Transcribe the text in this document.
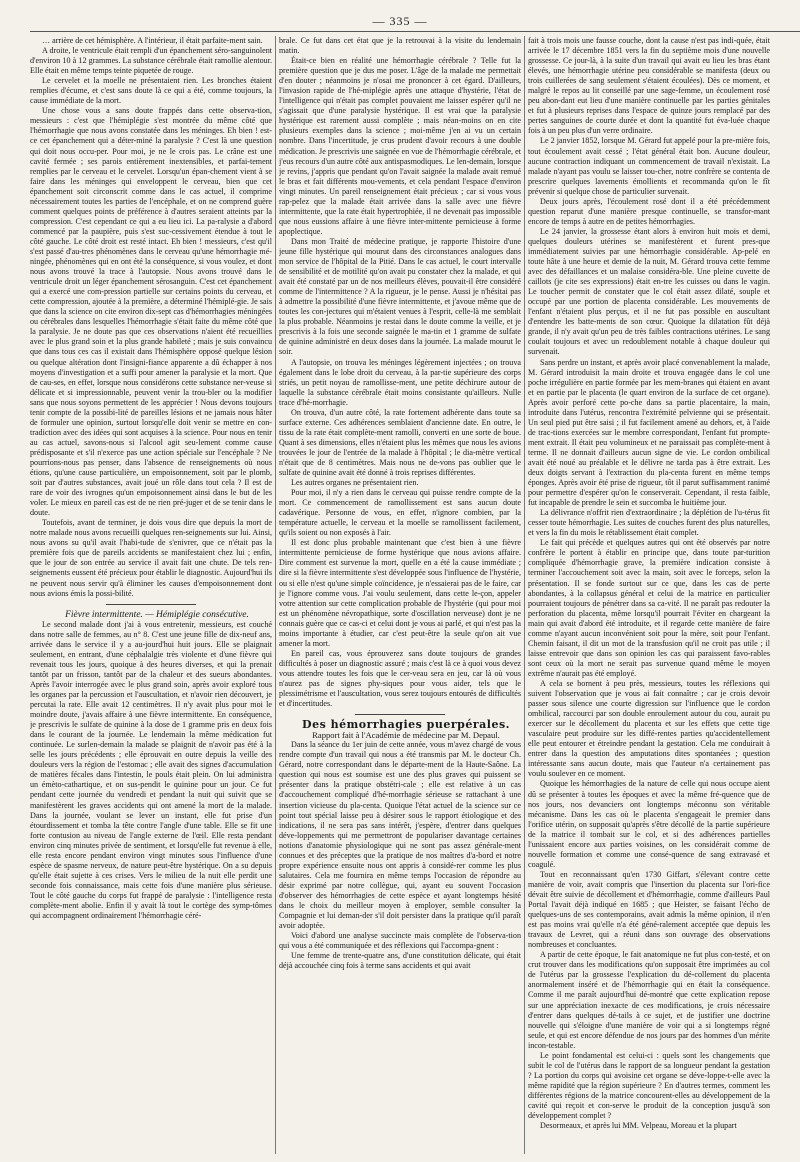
— 335 —

… arrière de cet hémisphère. A l'intérieur, il était parfaite-ment sain.

A droite, le ventricule était rempli d'un épanchement séro-sanguinolent d'environ 10 à 12 grammes. La substance cérébrale était ramollie alentour. Elle était en même temps teinte piquetée de rouge.

Le cervelet et la moelle ne présentaient rien. Les bronches étaient remplies d'écume, et c'est sans doute là ce qui a été, comme toujours, la cause immédiate de la mort.

Une chose vous a sans doute frappés dans cette observa-tion, messieurs : c'est que l'hémiplégie s'est montrée du même côté que l'hémorrhagie que nous avons constatée dans les méninges. Eh bien ! est-ce cet épanchement qui a déter-miné la paralysie ? C'est là une question qui doit nous occu-per. Pour moi, je ne le crois pas. Le crâne est une cavité fermée ; ses parois entièrement inextensibles, et parfai-tement remplies par le cerveau et le cervelet. Lorsqu'un épan-chement vient à se faire dans les méninges qui enveloppent le cerveau, bien que cet épanchement soit circonscrit comme dans le cas actuel, il comprime nécessairement toutes les parties de l'encéphale, et on ne comprend guère comment quelques points de préférence à d'autres seraient atteints par la compression. C'est cependant ce qui a eu lieu ici. La pa-ralysie a d'abord commencé par la paupière, puis s'est suc-cessivement étendue à tout le côté gauche. Le côté droit est resté intact. Eh bien ! messieurs, c'est qu'il s'est passé d'au-tres phénomènes dans le cerveau qu'une hémorrhagie mé-ningée, phénomènes qui en ont été la conséquence, si vous voulez, et dont nous avons trouvé la trace à l'autopsie. Nous avons trouvé dans le ventricule droit un léger épanchement sérosanguin. C'est cet épanchement qui a exercé une com-pression partielle sur certains points du cerveau, et cette compression, ajoutée à la première, a déterminé l'hémiplé-gie. Je sais que dans la science on cite environ dix-sept cas d'hémorrhagies méningées ou cérébrales dans lesquelles l'hémorrhagie s'était faite du même côté que la paralysie. Je ne doute pas que ces observations n'aient été recueillies avec le plus grand soin et la plus grande habileté ; mais je suis convaincu que dans tous ces cas il existait dans l'hémisphère opposé quelque lésion ou quelque altération dont l'insigni-fiance apparente a dû échapper à nos moyens d'investigation et a suffi pour amener la paralysie et la mort. Que de cau-ses, en effet, lorsque nous considérons cette substance ner-veuse si délicate et si impressionnable, peuvent venir la trou-bler ou la modifier sans que nous soyons permettent de les apprécier ! Nous devons toujours tenir compte de la possibi-lité de pareilles lésions et ne jamais nous hâter de formuler une opinion, surtout lorsqu'elle doit venir se mettre en con-tradiction avec des idées qui sont acquises à la science. Pour nous en tenir au cas actuel, savons-nous si l'alcool agit seu-lement comme cause prédisposante et s'il n'exerce pas une action spéciale sur l'encéphale ? Ne pourrions-nous pas penser, dans l'absence de renseignements où nous étions, qu'une cause particulière, un empoisonnement, soit par le plomb, soit par d'autres substances, avait joué un rôle dans tout cela ? Il est de rare de voir des ivrognes qu'un empoisonnement ainsi dans le but de les voler. Le mieux en pareil cas est de ne rien pré-juger et de se tenir dans le doute.

Toutefois, avant de terminer, je dois vous dire que depuis la mort de notre malade nous avons recueilli quelques ren-seignements sur lui. Ainsi, nous avons su qu'il avait l'habi-tude de s'enivrer, que ce n'était pas la première fois que de pareils accidents se manifestaient chez lui ; enfin, que le jour de son entrée au service il avait fait une chute. De tels ren-seignements eussent été précieux pour établir le diagnostic. Aujourd'hui ils ne peuvent nous servir qu'à éliminer les causes d'empoisonnement dont nous avions émis la possi-bilité.

Fièvre intermittente. — Hémiplégie consécutive.

Le second malade dont j'ai à vous entretenir, messieurs, est couché dans notre salle de femmes, au n° 8. C'est une jeune fille de dix-neuf ans, arrivée dans le service il y a au-jourd'hui huit jours. Elle se plaignait seulement, en entrant, d'une céphalalgie très violente et d'une fièvre qui revenait tous les jours, quoique à des heures diverses, et qui la prenait tantôt par un frisson, tantôt par de la chaleur et des sueurs abondantes. Après l'avoir interrogée avec le plus grand soin, après avoir exploré tous les organes par la percussion et l'auscultation, et n'avoir rien découvert, je percutai la rate. Elle avait 12 centimètres. Il n'y avait plus pour moi le moindre doute, j'avais affaire à une fièvre intermittente. En conséquence, je prescrivis le sulfate de quinine à la dose de 1 gramme pris en deux fois dans le courant de la journée. Le lendemain la même médication fut continuée. Le surlen-demain la malade se plaignit de n'avoir pas été à la selle les jours précédents ; elle éprouvait en outre depuis la veille des douleurs vers la région de l'estomac ; elle avait des signes d'accumulation de matières fécales dans l'intestin, le pouls était plein. On lui administra un émèto-cathartique, et on sus-pendit le quinine pour un jour. Ce fut pendant cette journée du vendredi et pendant la nuit qui suivit que se manifestèrent les graves accidents qui ont amené la mort de la malade. Dans la journée, voulant se lever un instant, elle fut prise d'un étourdissement et tomba la tête contre l'angle d'une table. Elle se fit une forte contusion au niveau de l'angle externe de l'œil. Elle resta pendant environ cinq minutes privée de sentiment, et lorsqu'elle fut revenue à elle, elle resta encore pendant environ vingt minutes sous l'influence d'une espèce de spasme nerveux, de nature peut-être hystérique. On a su depuis qu'elle était sujette à ces crises. Vers le milieu de la nuit elle perdit une seconde fois connaissance, mais cette fois d'une manière plus sérieuse. Tout le côté gauche du corps fut frappé de paralysie : l'intelligence resta complète-ment abolie. Enfin il y avait là tout le cortège des symp-tômes qui accompagnent ordinairement l'hémorrhagie céré-

brale. Ce fut dans cet état que je la retrouvai à la visite du lendemain matin.

Était-ce bien en réalité une hémorrhagie cérébrale ? Telle fut la première question que je dus me poser. L'âge de la malade me permettait d'en douter ; néanmoins je n'osai me prononcer à cet égard. D'ailleurs, l'invasion rapide de l'hé-miplégie après une attaque d'hystérie, l'état de l'intelligence qui n'était pas complet pouvaient me laisser espérer qu'il ne s'agissait que d'une paralysie hystérique. Il est vrai que la paralysie hystérique est rarement aussi complète ; mais néan-moins on en cite plusieurs exemples dans la science ; moi-même j'en ai vu un certain nombre. Dans l'incertitude, je crus prudent d'avoir recours à une double médication. Je prescrivis une saignée en vue de l'hémorrhagie cérébrale, et j'eus recours d'un autre côté aux antispasmodiques. Le len-demain, lorsque je revins, j'appris que pendant qu'on l'avait saignée la malade avait remué le bras et fait différents mou-vements, et cela pendant l'espace d'environ vingt minutes. Un pareil renseignement était précieux ; car si vous vous rap-pelez que la malade était arrivée dans la salle avec une fièvre intermittente, que la rate était hypertrophiée, il ne devenait pas impossible que nous eussions affaire à une fièvre inter-mittente pernicieuse à forme apoplectique.

Dans mon Traité de médecine pratique, je rapporte l'histoire d'une jeune fille hystérique qui mourut dans des circonstances analogues dans mon service de l'hôpital de la Pitié. Dans le cas actuel, le court intervalle de sensibilité et de motilité qu'on avait pu constater chez la malade, et qui avait été constaté par un de nos meilleurs élèves, pouvait-il être considéré comme de l'intermittence ? A la rigueur, je le pense. Aussi je n'hésitai pas à admettre la possibilité d'une fièvre intermittente, et j'avoue même que de toutes les con-jectures qui m'étaient venues à l'esprit, celle-là me semblait la plus probable. Néanmoins je restai dans le doute comme la veille, et je prescrivis à la fois une seconde saignée le ma-tin et 1 gramme de sulfate de quinine administré en deux doses dans la journée. La malade mourut le soir.

A l'autopsie, on trouva les méninges légèrement injectées ; on trouva également dans le lobe droit du cerveau, à la par-tie supérieure des corps striés, un petit noyau de ramollisse-ment, une petite déchirure autour de laquelle la substance cérébrale était moins consistante qu'ailleurs. Nulle trace d'hé-morrhagie.

On trouva, d'un autre côté, la rate fortement adhérente dans toute sa surface externe. Ces adhérences semblaient d'ancienne date. En outre, le tissu de la rate était complète-ment ramolli, converti en une sorte de boue. Quant à ses dimensions, elles n'étaient plus les mêmes que nous les avions trouvées le jour de l'entrée de la malade à l'hôpital ; le dia-mètre vertical n'était que de 8 centimètres. Mais nous ne de-vons pas oublier que le sulfate de quinine avait été donné à trois reprises différentes.

Les autres organes ne présentaient rien.

Pour moi, il n'y a rien dans le cerveau qui puisse rendre compte de la mort. Ce commencement de ramollissement est sans aucun doute cadavérique. Personne de vous, en effet, n'ignore combien, par la température actuelle, le cerveau et la moelle se ramollissent facilement, qu'ils soient ou non exposés à l'air.

Il est donc plus probable maintenant que c'est bien à une fièvre intermittente pernicieuse de forme hystérique que nous avions affaire. Dire comment est survenue la mort, quelle en a été la cause immédiate ; dire si la fièvre intermittente s'est développée sous l'influence de l'hystérie, ou si elle n'est qu'une simple coïncidence, je n'essaierai pas de le faire, car je l'ignore comme vous. J'ai voulu seulement, dans cette le-çon, appeler votre attention sur cette complication probable de l'hystérie (qui pour moi est un phénomène névropathique, sorte d'oscillation nerveuse) dont je ne connais guère que ce cas-ci et celui dont je vous ai parlé, et qui n'est pas la moins importante à étudier, car c'est peut-être la seule qu'on ait vue amener la mort.

En pareil cas, vous éprouverez sans doute toujours de grandes difficultés à poser un diagnostic assuré ; mais c'est là ce à quoi vous devez vous attendre toutes les fois que le cer-veau sera en jeu, car là où vous n'aurez pas de signes phy-siques pour vous aider, tels que le plessimétrisme et l'auscultation, vous serez toujours entourés de difficultés et d'incertitudes.

Des hémorrhagies puerpérales.

Rapport fait à l'Académie de médecine par M. Depaul.

Dans la séance du 1er juin de cette année, vous m'avez chargé de vous rendre compte d'un travail qui nous a été transmis par M. le docteur Ch. Gérard, notre correspondant dans le départe-ment de la Haute-Saône. La question qui nous est soumise est une des plus graves qui puissent se présenter dans la pratique obstétri-cale ; elle est relative à un cas d'accouchement compliqué d'hé-morrhagie sérieuse se rattachant à une insertion vicieuse du pla-centa. Quoique l'état actuel de la science sur ce point tout spécial laisse peu à désirer sous le rapport étiologique et des indications, il ne sera pas sans intérêt, j'espère, d'entrer dans quelques déve-loppements qui me permettront de populariser davantage certaines notions d'anatomie physiologique qui ne sont pas assez générale-ment connues et des préceptes que la pratique de nos maîtres d'a-bord et notre propre expérience ensuite nous ont appris à considé-rer comme les plus salutaires. Cela me fournira en même temps l'occasion de répondre au désir exprimé par notre collègue, qui, ayant eu souvent l'occasion d'observer des hémorrhagies de cette espèce et ayant longtemps hésité dans le choix du meilleur moyen à employer, semble consulter la Compagnie et lui deman-der s'il doit persister dans la pratique qu'il paraît avoir adoptée.

Voici d'abord une analyse succincte mais complète de l'observa-tion qui vous a été communiquée et des réflexions qui l'accompa-gnent :

Une femme de trente-quatre ans, d'une constitution délicate, qui était déjà accouchée cinq fois à terme sans accidents et qui avait

fait à trois mois une fausse couche, dont la cause n'est pas indi-quée, était arrivée le 17 décembre 1851 vers la fin du septième mois d'une nouvelle grossesse. Ce jour-là, à la suite d'un travail qui avait eu lieu les bras étant élevés, une hémorrhagie utérine peu considérable se manifesta (deux ou trois cuillerées de sang seulement s'étaient écoulées). Dès ce moment, et malgré le repos au lit conseillé par une sage-femme, un écoulement rosé peu abon-dant eut lieu d'une manière continuelle par les parties génitales et fut à plusieurs reprises dans l'espace de quinze jours remplacé par des pertes sanguines de courte durée et dont la quantité fut éva-luée chaque fois à un peu plus d'un verre ordinaire.

Le 2 janvier 1852, lorsque M. Gérard fut appelé pour la pre-mière fois, tout écoulement avait cessé ; l'état général était bon. Aucune douleur, aucune contraction indiquant un commencement de travail n'existait. La malade n'ayant pas voulu se laisser tou-cher, notre confrère se contenta de prescrire quelques lavements émollients et recommanda qu'on le fît prévenir si quelque chose de particulier survenait.

Deux jours après, l'écoulement rosé dont il a été précédemment question reparut d'une manière presque continuelle, se transfor-mant encore de temps à autre en de petites hémorrhagies.

Le 24 janvier, la grossesse étant alors à environ huit mois et demi, quelques douleurs utérines se manifestèrent et furent pres-que immédiatement suivies par une hémorrhagie considérable. Ap-pelé en toute hâte à une heure et demie de la nuit, M. Gérard trouva cette femme avec des défaillances et un malaise considéra-ble. Une pleine cuvette de caillots (je cite ses expressions) était en-tre les cuisses ou dans le vagin. Le toucher permit de constater que le col était assez dilaté, souple et occupé par une portion de placenta considérable. Les mouvements de l'enfant n'étaient plus perçus, et il ne fut pas possible en auscultant d'entendre les batte-ments de son cœur. Quoique la dilatation fût déjà grande, il n'y avait qu'un peu de très faibles contractions utérines. Le sang coulait toujours et avec un redoublement notable à chaque douleur qui survenait.

Sans perdre un instant, et après avoir placé convenablement la malade, M. Gérard introduisit la main droite et trouva engagée dans le col une poche irrégulière en partie formée par les mem-branes qui étaient en avant et en partie par le placenta (le quart environ de la surface de cet organe). Après avoir perforé cette po-che dans sa partie placentaire, la main, introduite dans l'utérus, rencontra l'extrémité pelvienne qui se présentait. Un seul pied put être saisi ; il fut facilement amené au dehors, et, à l'aide de trac-tions exercées sur le membre correspondant, l'enfant fut prompte-ment extrait. Il était peu volumineux et ne paraissait pas complète-ment à terme. Il ne donnait d'ailleurs aucun signe de vie. Le cordon ombilical avait été noué au préalable et le délivre ne tarda pas à être extrait. Les deux doigts servant à l'extraction du pla-centa furent en même temps éponges. Après avoir été prise de rigueur, tôt il parut suffisamment ranimé pour permettre d'espérer qu'on le conserverait. Cependant, il resta faible, fut incapable de prendre le sein et succomba le huitième jour.

La délivrance n'offrit rien d'extraordinaire ; la déplétion de l'u-térus fit cesser toute hémorrhagie. Les suites de couches furent des plus naturelles, et vers la fin du mois le rétablissement était complet.

Le fait qui précède et quelques autres qui ont été observés par notre confrère le portent à établir en principe que, dans toute par-turition compliquée d'hémorrhagie grave, la première indication consiste à terminer l'accouchement soit avec la main, soit avec le forceps, selon la présentation. Il se fonde surtout sur ce que, dans les cas de perte abondantes, à la collapsus général et celui de la matrice en particulier pourraient toujours de pénétrer dans sa ca-vité. Il ne paraît pas redouter la perforation du placenta, même lorsqu'il pourrait l'éviter en chargeant la main qui avait d'abord été introduite, et il regarde cette manière de faire comme n'ayant aucun inconvénient soit pour la mère, soit pour l'enfant. Chemin faisant, il dit un mot de la transfusion qu'il ne croit pas utile ; il laisse entrevoir que dans son opinion les cas qui paraissent favo-rables sont ceux où la mort ne serait pas survenue quand même le moyen extrême n'aurait pas été employé.

A cela se bornent à peu près, messieurs, toutes les réflexions qui suivent l'observation que je vous ai fait connaître ; car je crois devoir passer sous silence une courte digression sur l'influence que le cordon ombilical, raccourci par son double enroulement autour du cou, aurait pu exercer sur le décollement du placenta et sur les effets que cette tige vasculaire peut produire sur les diffé-rentes parties qu'accidentellement elle peut entourer et étreindre pendant la gestation. Cela me conduirait à entrer dans la question des amputations dites spontanées ; question intéressante sans aucun doute, mais que l'auteur n'a certainement pas voulu soulever en ce moment.

Quoique les hémorrhagies de la nature de celle qui nous occupe aient dû se présenter à toutes les époques et avec la même fré-quence que de nos jours, nos devanciers ont longtemps méconnu son véritable mécanisme. Dans les cas où le placenta s'engageait le premier dans l'orifice utérin, on supposait qu'après s'être décollé de la partie supérieure de la matrice il tombait sur le col, et si des adhérences partielles l'unissaient encore aux parties voisines, on les considérait comme de nouvelle formation et comme une consé-quence de sang extravasé et coagulé.

Tout en reconnaissant qu'en 1730 Giffart, s'élevant contre cette manière de voir, avait compris que l'insertion du placenta sur l'ori-fice dévait être suivie de décollement et d'hémorrhagie, comme d'ailleurs Paul Portal l'avait déjà indiqué en 1685 ; que Heister, se faisant l'écho de quelques-uns de ses contemporains, avait admis la même opinion, il n'en est pas moins vrai qu'elle n'a été géné-ralement acceptée que depuis les travaux de Levret, qui a réuni dans son ouvrage des observations nombreuses et concluantes.

A partir de cette époque, le fait anatomique ne fut plus con-testé, et on crut trouver dans les modifications qu'on supposait être imprimées au col de l'utérus par la grossesse l'explication du dé-collement du placenta anormalement inséré et de l'hémorrhagie qui en était la conséquence. Comme il me paraît aujourd'hui dé-montré que cette explication repose sur une appréciation inexacte de ces modifications, je crois nécessaire d'entrer dans quelques dé-tails à ce sujet, et de justifier une doctrine nouvelle qui s'éloigne d'une manière de voir qui a si longtemps régné seule, et qui est encore défendue de nos jours par des hommes d'un mérite incon-testable.

Le point fondamental est celui-ci : quels sont les changements que subit le col de l'utérus dans le rapport de sa longueur pendant la gestation ? La portion du corps qui avoisine cet organe se déve-loppe-t-elle avec la même rapidité que la région supérieure ? En d'autres termes, comment les différentes régions de la matrice concourent-elles au développement de la cavité qui reçoit et con-serve le produit de la conception jusqu'à son développement complet ?

Desormeaux, et après lui MM. Velpeau, Moreau et la plupart
